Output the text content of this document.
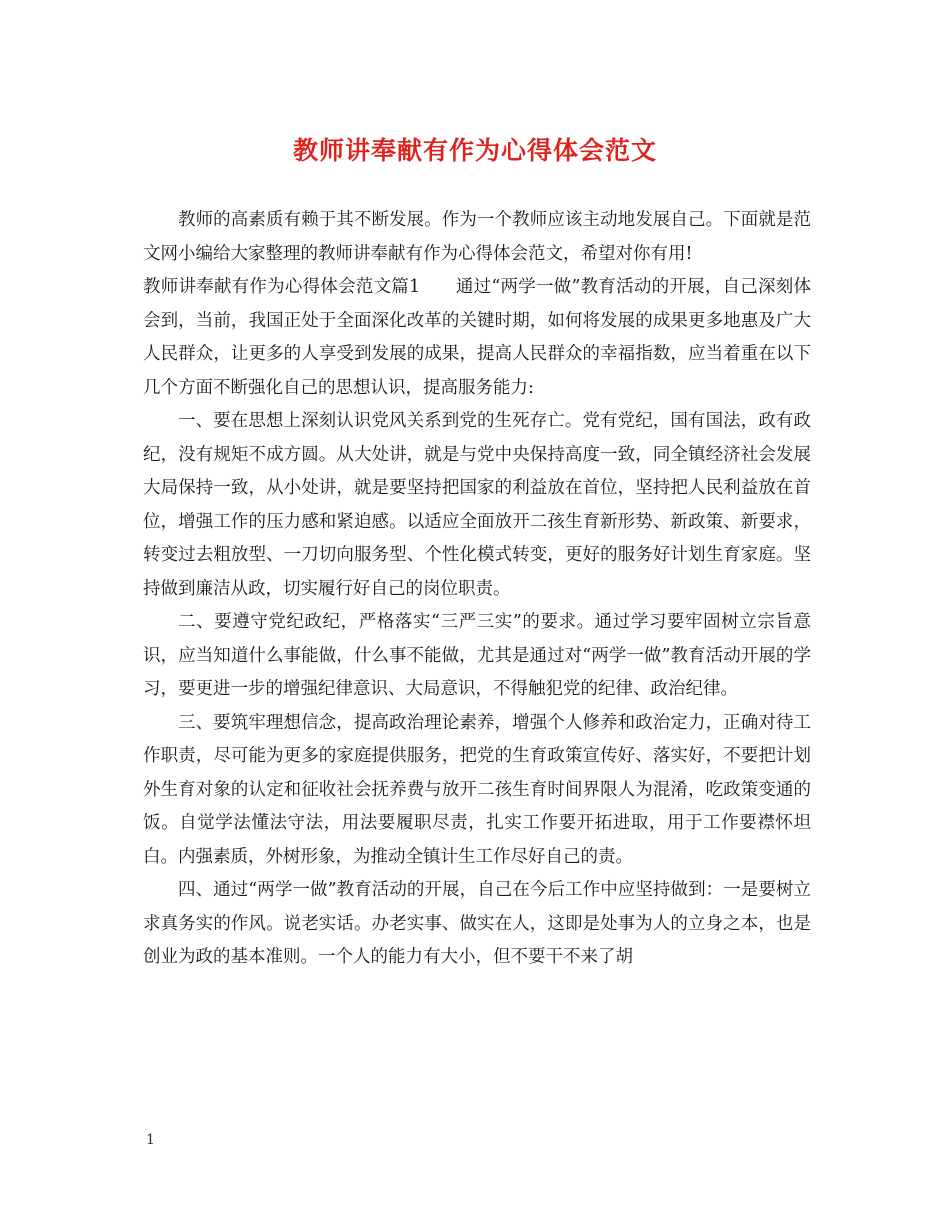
教师讲奉献有作为心得体会范文

教师的高素质有赖于其不断发展。作为一个教师应该主动地发展自己。下面就是范文网小编给大家整理的教师讲奉献有作为心得体会范文，希望对你有用!

教师讲奉献有作为心得体会范文篇1　　通过“两学一做”教育活动的开展，自己深刻体会到，当前，我国正处于全面深化改革的关键时期，如何将发展的成果更多地惠及广大人民群众，让更多的人享受到发展的成果，提高人民群众的幸福指数，应当着重在以下几个方面不断强化自己的思想认识，提高服务能力:

一、要在思想上深刻认识党风关系到党的生死存亡。党有党纪，国有国法，政有政纪，没有规矩不成方圆。从大处讲，就是与党中央保持高度一致，同全镇经济社会发展大局保持一致，从小处讲，就是要坚持把国家的利益放在首位，坚持把人民利益放在首位，增强工作的压力感和紧迫感。以适应全面放开二孩生育新形势、新政策、新要求，转变过去粗放型、一刀切向服务型、个性化模式转变，更好的服务好计划生育家庭。坚持做到廉洁从政，切实履行好自己的岗位职责。

二、要遵守党纪政纪，严格落实“三严三实”的要求。通过学习要牢固树立宗旨意识，应当知道什么事能做，什么事不能做，尤其是通过对“两学一做”教育活动开展的学习，要更进一步的增强纪律意识、大局意识，不得触犯党的纪律、政治纪律。

三、要筑牢理想信念，提高政治理论素养，增强个人修养和政治定力，正确对待工作职责，尽可能为更多的家庭提供服务，把党的生育政策宣传好、落实好，不要把计划外生育对象的认定和征收社会抚养费与放开二孩生育时间界限人为混淆，吃政策变通的饭。自觉学法懂法守法，用法要履职尽责，扎实工作要开拓进取，用于工作要襟怀坦白。内强素质，外树形象，为推动全镇计生工作尽好自己的责。

四、通过“两学一做”教育活动的开展，自己在今后工作中应坚持做到：一是要树立求真务实的作风。说老实话。办老实事、做实在人，这即是处事为人的立身之本，也是创业为政的基本准则。一个人的能力有大小，但不要干不来了胡

1
